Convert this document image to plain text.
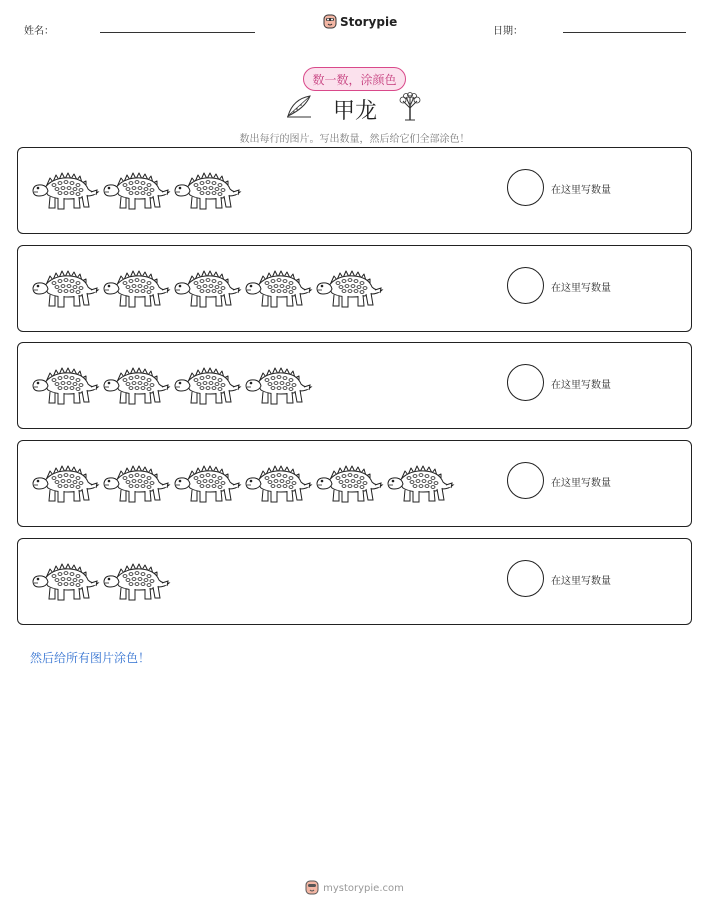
姓名：
Storypie
日期：
数一数，涂颜色
甲龙
数出每行的图片。写出数量，然后给它们全部涂色！
在这里写数量
在这里写数量
在这里写数量
在这里写数量
在这里写数量
然后给所有图片涂色！
mystorypie.com
